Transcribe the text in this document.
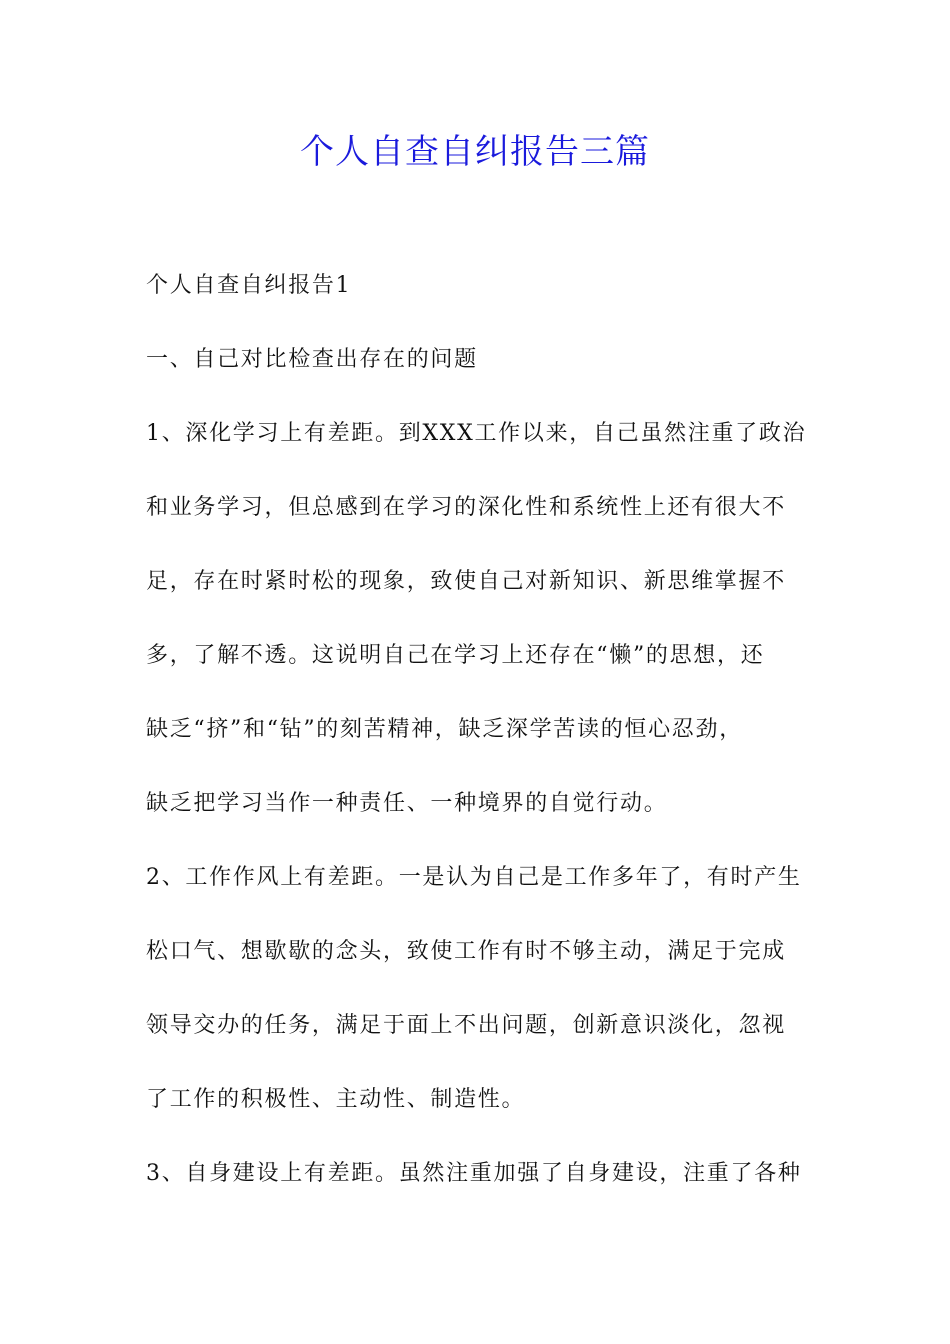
个人自查自纠报告三篇
个人自查自纠报告1
一、自己对比检查出存在的问题
1、深化学习上有差距。到XXX工作以来，自己虽然注重了政治
和业务学习，但总感到在学习的深化性和系统性上还有很大不
足，存在时紧时松的现象，致使自己对新知识、新思维掌握不
多，了解不透。这说明自己在学习上还存在“懒”的思想，还
缺乏“挤”和“钻”的刻苦精神，缺乏深学苦读的恒心忍劲，
缺乏把学习当作一种责任、一种境界的自觉行动。
2、工作作风上有差距。一是认为自己是工作多年了，有时产生
松口气、想歇歇的念头，致使工作有时不够主动，满足于完成
领导交办的任务，满足于面上不出问题，创新意识淡化，忽视
了工作的积极性、主动性、制造性。
3、自身建设上有差距。虽然注重加强了自身建设，注重了各种
